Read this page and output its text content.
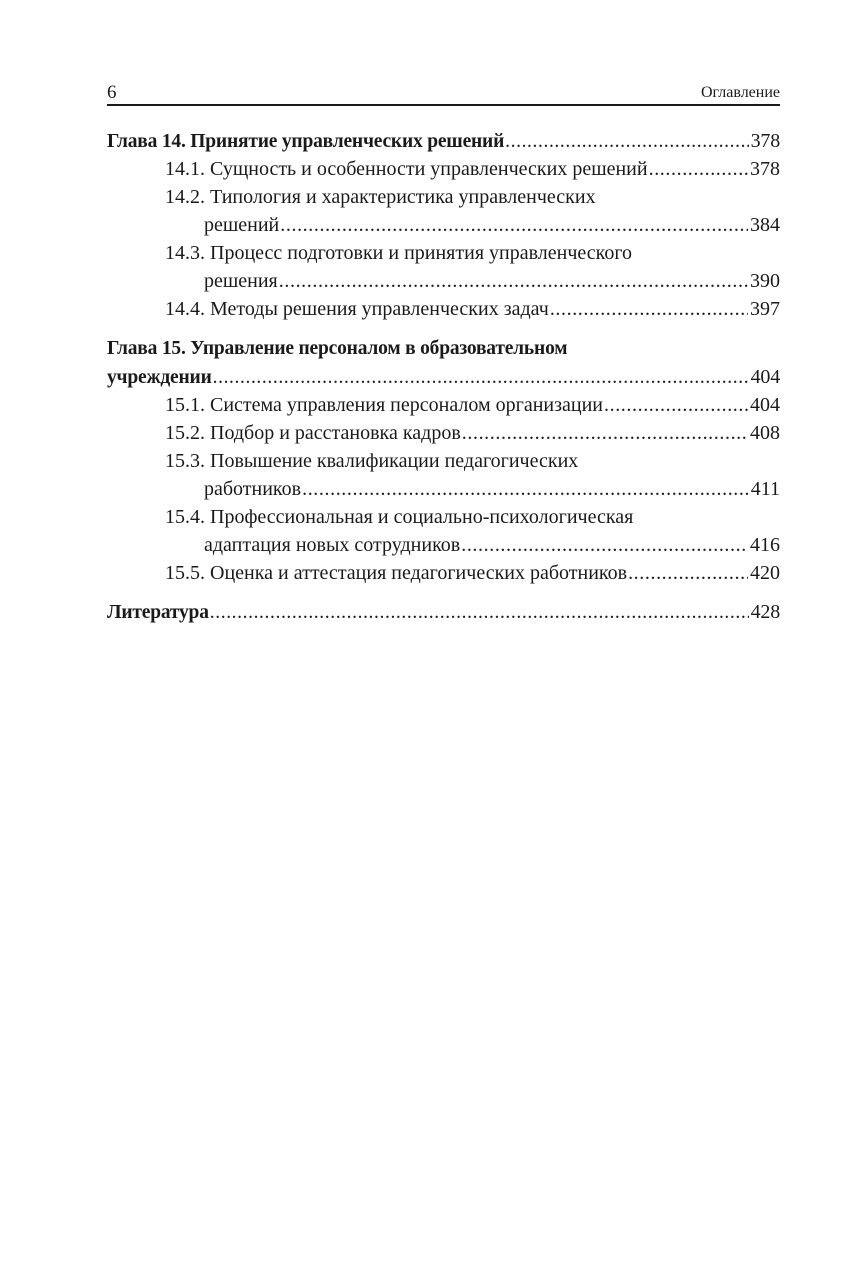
6	Оглавление
Глава 14. Принятие управленческих решений .....	378
14.1. Сущность и особенности управленческих решений .....	378
14.2. Типология и характеристика управленческих
решений .....	384
14.3. Процесс подготовки и принятия управленческого
решения .....	390
14.4. Методы решения управленческих задач .....	397
Глава 15. Управление персоналом в образовательном
учреждении .....	404
15.1. Система управления персоналом организации .....	404
15.2. Подбор и расстановка кадров .....	408
15.3. Повышение квалификации педагогических
работников .....	411
15.4. Профессиональная и социально-психологическая
адаптация новых сотрудников .....	416
15.5. Оценка и аттестация педагогических работников .....	420
Литература .....	428
